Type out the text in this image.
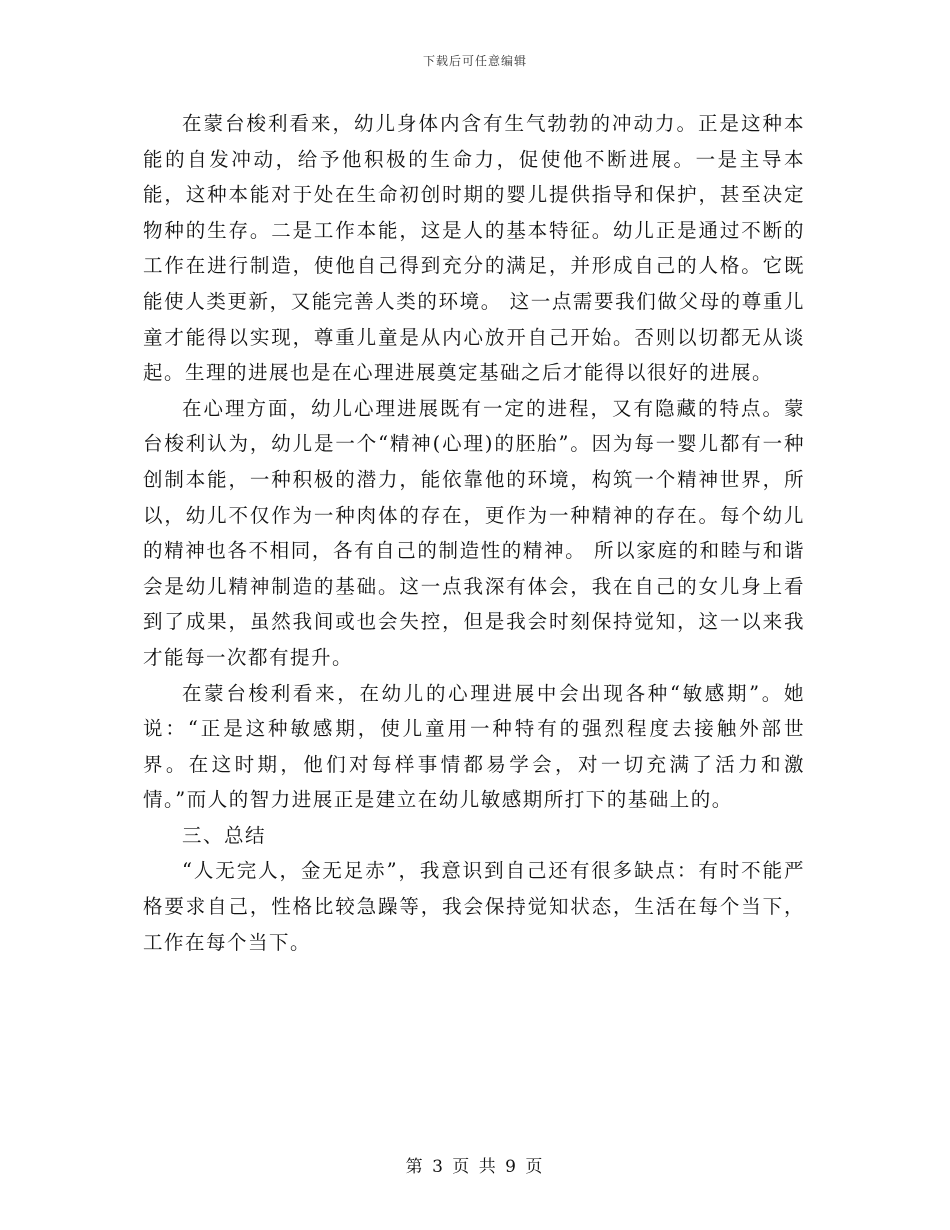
下载后可任意编辑

在蒙台梭利看来，幼儿身体内含有生气勃勃的冲动力。正是这种本能的自发冲动，给予他积极的生命力，促使他不断进展。一是主导本能，这种本能对于处在生命初创时期的婴儿提供指导和保护，甚至决定物种的生存。二是工作本能，这是人的基本特征。幼儿正是通过不断的工作在进行制造，使他自己得到充分的满足，并形成自己的人格。它既能使人类更新，又能完善人类的环境。 这一点需要我们做父母的尊重儿童才能得以实现，尊重儿童是从内心放开自己开始。否则以切都无从谈起。生理的进展也是在心理进展奠定基础之后才能得以很好的进展。

在心理方面，幼儿心理进展既有一定的进程，又有隐藏的特点。蒙台梭利认为，幼儿是一个“精神(心理)的胚胎”。因为每一婴儿都有一种创制本能，一种积极的潜力，能依靠他的环境，构筑一个精神世界，所以，幼儿不仅作为一种肉体的存在，更作为一种精神的存在。每个幼儿的精神也各不相同，各有自己的制造性的精神。 所以家庭的和睦与和谐会是幼儿精神制造的基础。这一点我深有体会，我在自己的女儿身上看到了成果，虽然我间或也会失控，但是我会时刻保持觉知，这一以来我才能每一次都有提升。

在蒙台梭利看来，在幼儿的心理进展中会出现各种“敏感期”。她说：“正是这种敏感期，使儿童用一种特有的强烈程度去接触外部世界。在这时期，他们对每样事情都易学会，对一切充满了活力和激情。”而人的智力进展正是建立在幼儿敏感期所打下的基础上的。

三、总结

“人无完人，金无足赤”，我意识到自己还有很多缺点：有时不能严格要求自己，性格比较急躁等，我会保持觉知状态，生活在每个当下，工作在每个当下。

第 3 页 共 9 页
